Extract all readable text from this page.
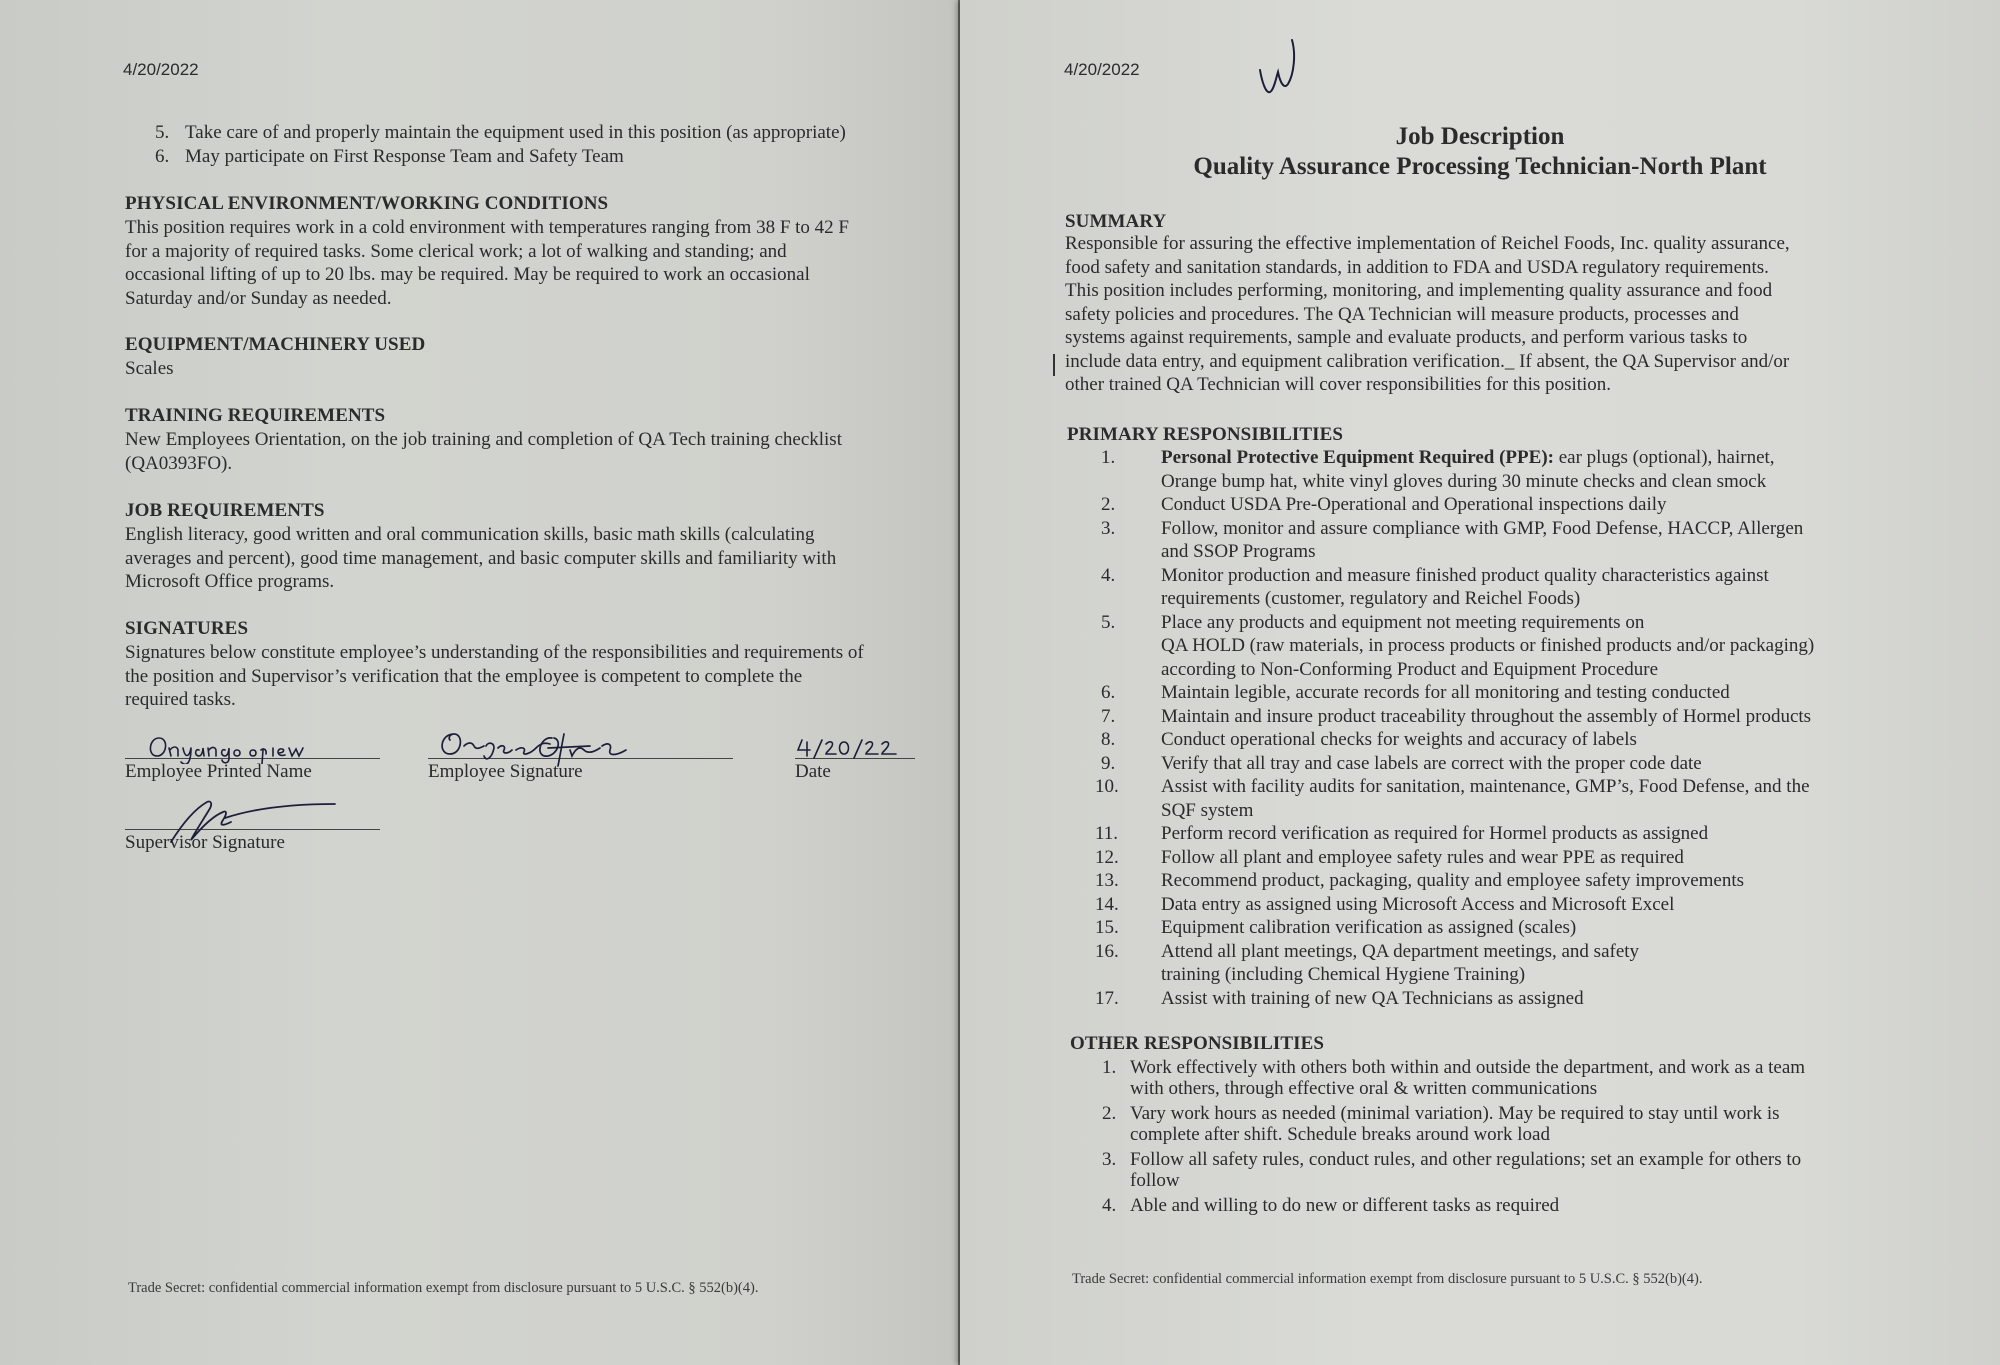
4/20/2022
5. Take care of and properly maintain the equipment used in this position (as appropriate)
6. May participate on First Response Team and Safety Team
PHYSICAL ENVIRONMENT/WORKING CONDITIONS
This position requires work in a cold environment with temperatures ranging from 38 F to 42 F
for a majority of required tasks. Some clerical work; a lot of walking and standing; and
occasional lifting of up to 20 lbs. may be required. May be required to work an occasional
Saturday and/or Sunday as needed.
EQUIPMENT/MACHINERY USED
Scales
TRAINING REQUIREMENTS
New Employees Orientation, on the job training and completion of QA Tech training checklist
(QA0393FO).
JOB REQUIREMENTS
English literacy, good written and oral communication skills, basic math skills (calculating
averages and percent), good time management, and basic computer skills and familiarity with
Microsoft Office programs.
SIGNATURES
Signatures below constitute employee’s understanding of the responsibilities and requirements of
the position and Supervisor’s verification that the employee is competent to complete the
required tasks.
Employee Printed Name	Employee Signature	Date
Supervisor Signature
Trade Secret: confidential commercial information exempt from disclosure pursuant to 5 U.S.C. § 552(b)(4).
4/20/2022
Job Description
Quality Assurance Processing Technician-North Plant
SUMMARY
Responsible for assuring the effective implementation of Reichel Foods, Inc. quality assurance,
food safety and sanitation standards, in addition to FDA and USDA regulatory requirements.
This position includes performing, monitoring, and implementing quality assurance and food
safety policies and procedures. The QA Technician will measure products, processes and
systems against requirements, sample and evaluate products, and perform various tasks to
include data entry, and equipment calibration verification._ If absent, the QA Supervisor and/or
other trained QA Technician will cover responsibilities for this position.
PRIMARY RESPONSIBILITIES
OTHER RESPONSIBILITIES
Trade Secret: confidential commercial information exempt from disclosure pursuant to 5 U.S.C. § 552(b)(4).
1. Personal Protective Equipment Required (PPE): ear plugs (optional), hairnet,
Orange bump hat, white vinyl gloves during 30 minute checks and clean smock
2. Conduct USDA Pre-Operational and Operational inspections daily
3. Follow, monitor and assure compliance with GMP, Food Defense, HACCP, Allergen
and SSOP Programs
4. Monitor production and measure finished product quality characteristics against
requirements (customer, regulatory and Reichel Foods)
5. Place any products and equipment not meeting requirements on
QA HOLD (raw materials, in process products or finished products and/or packaging)
according to Non-Conforming Product and Equipment Procedure
6. Maintain legible, accurate records for all monitoring and testing conducted
7. Maintain and insure product traceability throughout the assembly of Hormel products
8. Conduct operational checks for weights and accuracy of labels
9. Verify that all tray and case labels are correct with the proper code date
10. Assist with facility audits for sanitation, maintenance, GMP’s, Food Defense, and the
SQF system
11. Perform record verification as required for Hormel products as assigned
12. Follow all plant and employee safety rules and wear PPE as required
13. Recommend product, packaging, quality and employee safety improvements
14. Data entry as assigned using Microsoft Access and Microsoft Excel
15. Equipment calibration verification as assigned (scales)
16. Attend all plant meetings, QA department meetings, and safety
training (including Chemical Hygiene Training)
17. Assist with training of new QA Technicians as assigned
1. Work effectively with others both within and outside the department, and work as a team
with others, through effective oral & written communications
2. Vary work hours as needed (minimal variation). May be required to stay until work is
complete after shift. Schedule breaks around work load
3. Follow all safety rules, conduct rules, and other regulations; set an example for others to
follow
4. Able and willing to do new or different tasks as required
